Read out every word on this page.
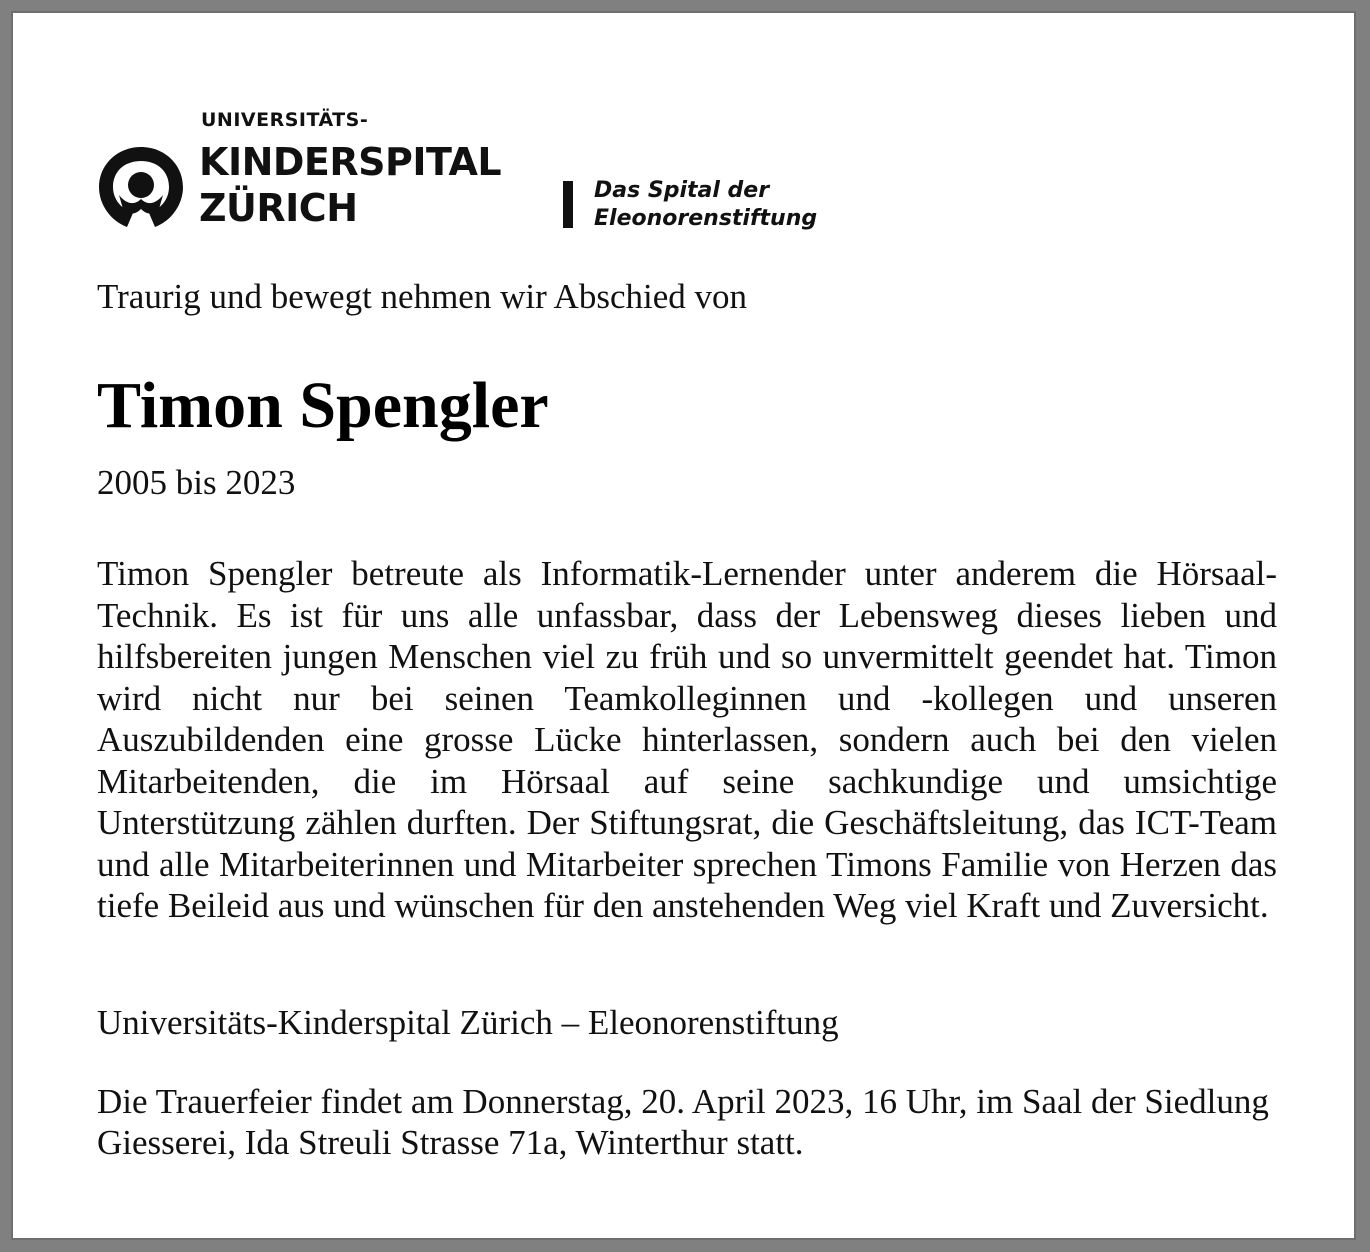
UNIVERSITÄTS-
KINDERSPITAL
ZÜRICH	Das Spital der
Eleonorenstiftung
Traurig und bewegt nehmen wir Abschied von
Timon Spengler
2005 bis 2023
Timon Spengler betreute als Informatik-Lernender unter anderem die Hörsaal-Technik. Es ist für uns alle unfassbar, dass der Lebensweg dieses lieben und hilfsbereiten jungen Menschen viel zu früh und so unvermittelt geendet hat. Timon wird nicht nur bei seinen Teamkolleginnen und -kollegen und unseren Auszubildenden eine grosse Lücke hinterlassen, sondern auch bei den vielen Mitarbeitenden, die im Hörsaal auf seine sachkundige und umsichtige Unterstützung zählen durften. Der Stiftungsrat, die Geschäftsleitung, das ICT-Team und alle Mitarbeiterinnen und Mitarbeiter sprechen Timons Familie von Herzen das tiefe Beileid aus und wünschen für den anstehenden Weg viel Kraft und Zuversicht.
Universitäts-Kinderspital Zürich – Eleonorenstiftung
Die Trauerfeier findet am Donnerstag, 20. April 2023, 16 Uhr, im Saal der Siedlung Giesserei, Ida Streuli Strasse 71a, Winterthur statt.
